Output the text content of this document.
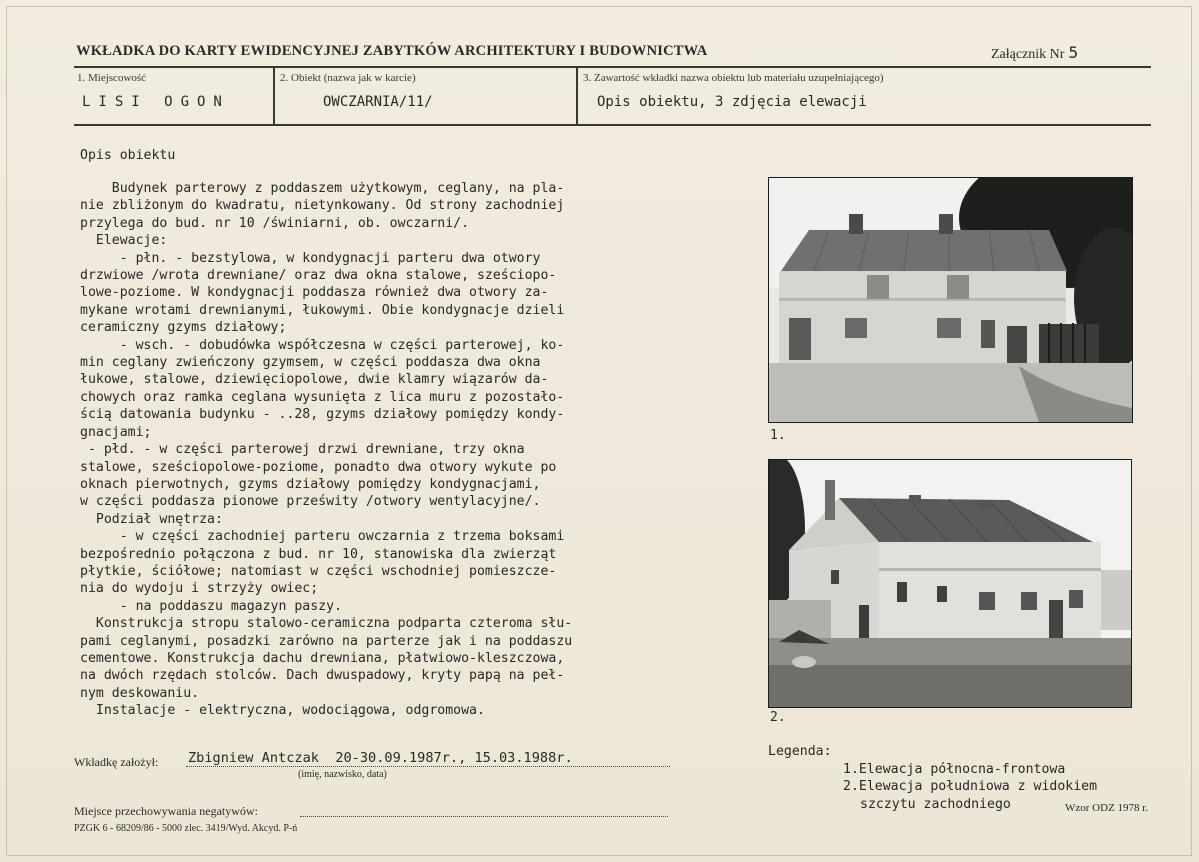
WKŁADKA DO KARTY EWIDENCYJNEJ ZABYTKÓW ARCHITEKTURY I BUDOWNICTWA	Załącznik Nr 5
1. Miejscowość
LISI OGON
2. Obiekt (nazwa jak w karcie)
OWCZARNIA/11/
3. Zawartość wkładki nazwa obiektu lub materiału uzupełniającego)
Opis obiektu, 3 zdjęcia elewacji
Opis obiektu
Budynek parterowy z poddaszem użytkowym, ceglany, na pla-
nie zbliżonym do kwadratu, nietynkowany. Od strony zachodniej
przylega do bud. nr 10 /świniarni, ob. owczarni/.
Elewacje:
- płn. - bezstylowa, w kondygnacji parteru dwa otwory
drzwiowe /wrota drewniane/ oraz dwa okna stalowe, sześciopo-
lowe-poziome. W kondygnacji poddasza również dwa otwory za-
mykane wrotami drewnianymi, łukowymi. Obie kondygnacje dzieli
ceramiczny gzyms działowy;
- wsch. - dobudówka współczesna w części parterowej, ko-
min ceglany zwieńczony gzymsem, w części poddasza dwa okna
łukowe, stalowe, dziewięciopolowe, dwie klamry wiązarów da-
chowych oraz ramka ceglana wysunięta z lica muru z pozostało-
ścią datowania budynku - ..28, gzyms działowy pomiędzy kondy-
gnacjami;
- płd. - w części parterowej drzwi drewniane, trzy okna
stalowe, sześciopolowe-poziome, ponadto dwa otwory wykute po
oknach pierwotnych, gzyms działowy pomiędzy kondygnacjami,
w części poddasza pionowe prześwity /otwory wentylacyjne/.
Podział wnętrza:
- w części zachodniej parteru owczarnia z trzema boksami
bezpośrednio połączona z bud. nr 10, stanowiska dla zwierząt
płytkie, ściółowe; natomiast w części wschodniej pomieszcze-
nia do wydoju i strzyży owiec;
- na poddaszu magazyn paszy.
Konstrukcja stropu stalowo-ceramiczna podparta czteroma słu-
pami ceglanymi, posadzki zarówno na parterze jak i na poddaszu
cementowe. Konstrukcja dachu drewniana, płatwiowo-kleszczowa,
na dwóch rzędach stolców. Dach dwuspadowy, kryty papą na peł-
nym deskowaniu.
Instalacje - elektryczna, wodociągowa, odgromowa.
1.
2.
Legenda:
1.Elewacja północna-frontowa
2.Elewacja południowa z widokiem
szczytu zachodniego
Wkładkę założył: Zbigniew Antczak  20-30.09.1987r., 15.03.1988r.
(imię, nazwisko, data)
Miejsce przechowywania negatywów:
PZGK 6 - 68209/86 - 5000 zlec. 3419/Wyd. Akcyd. P-ń
Wzor ODZ 1978 r.
